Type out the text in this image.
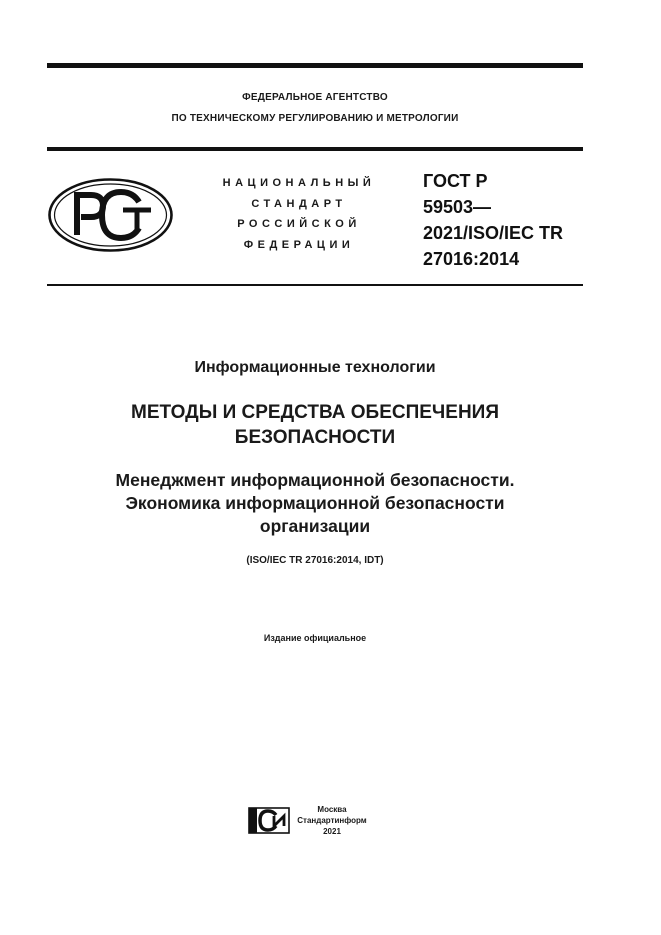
ФЕДЕРАЛЬНОЕ АГЕНТСТВО
ПО ТЕХНИЧЕСКОМУ РЕГУЛИРОВАНИЮ И МЕТРОЛОГИИ
НАЦИОНАЛЬНЫЙ
СТАНДАРТ
РОССИЙСКОЙ
ФЕДЕРАЦИИ
ГОСТ Р
59503—
2021/ISO/IEC TR
27016:2014
Информационные технологии
МЕТОДЫ И СРЕДСТВА ОБЕСПЕЧЕНИЯ
БЕЗОПАСНОСТИ
Менеджмент информационной безопасности.
Экономика информационной безопасности
организации
(ISO/IEC TR 27016:2014, IDT)
Издание официальное
Москва
Стандартинформ
2021
